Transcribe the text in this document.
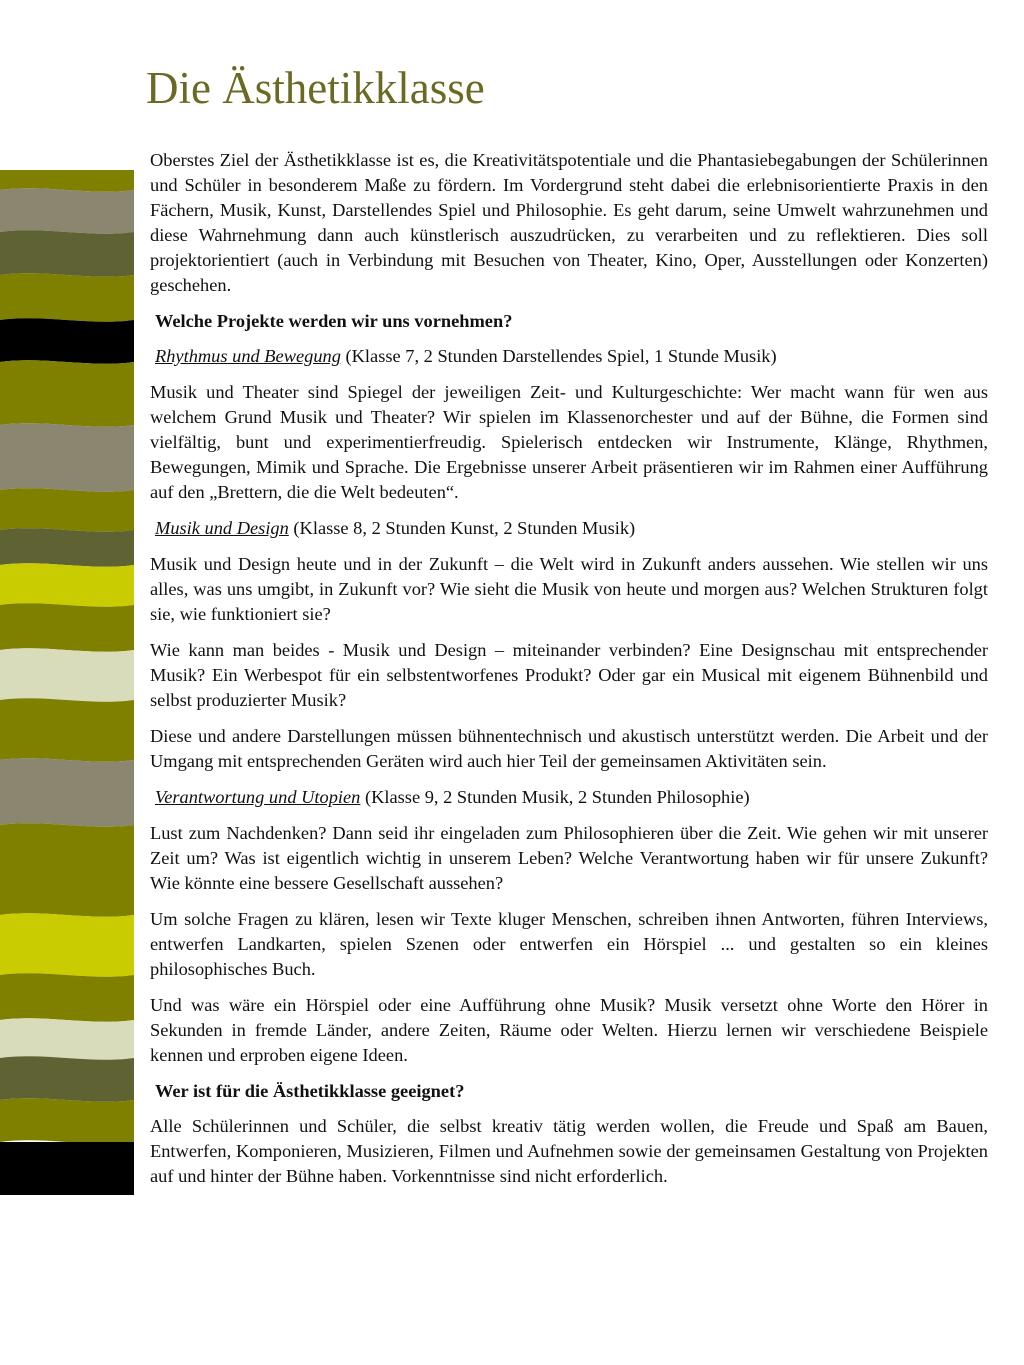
Die Ästhetikklasse

Oberstes Ziel der Ästhetikklasse ist es, die Kreativitätspotentiale und die Phantasiebegabungen der Schülerinnen und Schüler in besonderem Maße zu fördern. Im Vordergrund steht dabei die erlebnisorientierte Praxis in den Fächern, Musik, Kunst, Darstellendes Spiel und Philosophie. Es geht darum, seine Umwelt wahrzunehmen und diese Wahrnehmung dann auch künstlerisch auszudrücken, zu verarbeiten und zu reflektieren. Dies soll projektorientiert (auch in Verbindung mit Besuchen von Theater, Kino, Oper, Ausstellungen oder Konzerten) geschehen.

Welche Projekte werden wir uns vornehmen?

Rhythmus und Bewegung (Klasse 7, 2 Stunden Darstellendes Spiel, 1 Stunde Musik)

Musik und Theater sind Spiegel der jeweiligen Zeit- und Kulturgeschichte: Wer macht wann für wen aus welchem Grund Musik und Theater? Wir spielen im Klassenorchester und auf der Bühne, die Formen sind vielfältig, bunt und experimentierfreudig. Spielerisch entdecken wir Instrumente, Klänge, Rhythmen, Bewegungen, Mimik und Sprache. Die Ergebnisse unserer Arbeit präsentieren wir im Rahmen einer Aufführung auf den „Brettern, die die Welt bedeuten“.

Musik und Design (Klasse 8, 2 Stunden Kunst, 2 Stunden Musik)

Musik und Design heute und in der Zukunft – die Welt wird in Zukunft anders aussehen. Wie stellen wir uns alles, was uns umgibt, in Zukunft vor? Wie sieht die Musik von heute und morgen aus? Welchen Strukturen folgt sie, wie funktioniert sie?

Wie kann man beides - Musik und Design – miteinander verbinden? Eine Designschau mit entsprechender Musik? Ein Werbespot für ein selbstentworfenes Produkt? Oder gar ein Musical mit eigenem Bühnenbild und selbst produzierter Musik?

Diese und andere Darstellungen müssen bühnentechnisch und akustisch unterstützt werden. Die Arbeit und der Umgang mit entsprechenden Geräten wird auch hier Teil der gemeinsamen Aktivitäten sein.

Verantwortung und Utopien (Klasse 9, 2 Stunden Musik, 2 Stunden Philosophie)

Lust zum Nachdenken? Dann seid ihr eingeladen zum Philosophieren über die Zeit. Wie gehen wir mit unserer Zeit um? Was ist eigentlich wichtig in unserem Leben? Welche Verantwortung haben wir für unsere Zukunft? Wie könnte eine bessere Gesellschaft aussehen?

Um solche Fragen zu klären, lesen wir Texte kluger Menschen, schreiben ihnen Antworten, führen Interviews, entwerfen Landkarten, spielen Szenen oder entwerfen ein Hörspiel ... und gestalten so ein kleines philosophisches Buch.

Und was wäre ein Hörspiel oder eine Aufführung ohne Musik? Musik versetzt ohne Worte den Hörer in Sekunden in fremde Länder, andere Zeiten, Räume oder Welten. Hierzu lernen wir verschiedene Beispiele kennen und erproben eigene Ideen.

Wer ist für die Ästhetikklasse geeignet?

Alle Schülerinnen und Schüler, die selbst kreativ tätig werden wollen, die Freude und Spaß am Bauen, Entwerfen, Komponieren, Musizieren, Filmen und Aufnehmen sowie der gemeinsamen Gestaltung von Projekten auf und hinter der Bühne haben. Vorkenntnisse sind nicht erforderlich.
